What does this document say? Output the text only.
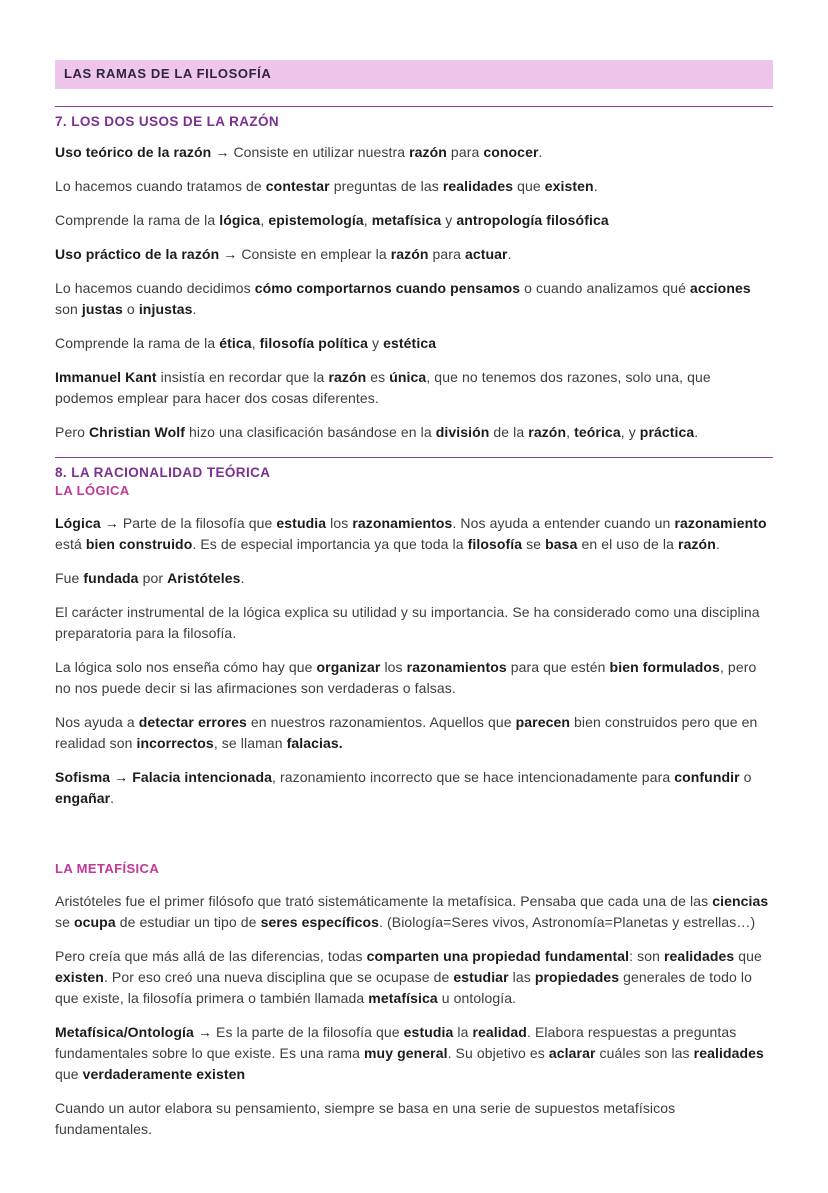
LAS RAMAS DE LA FILOSOFÍA
7. LOS DOS USOS DE LA RAZÓN

Uso teórico de la razón → Consiste en utilizar nuestra razón para conocer.

Lo hacemos cuando tratamos de contestar preguntas de las realidades que existen.

Comprende la rama de la lógica, epistemología, metafísica y antropología filosófica

Uso práctico de la razón → Consiste en emplear la razón para actuar.

Lo hacemos cuando decidimos cómo comportarnos cuando pensamos o cuando analizamos qué acciones son justas o injustas.

Comprende la rama de la ética, filosofía política y estética

Immanuel Kant insistía en recordar que la razón es única, que no tenemos dos razones, solo una, que podemos emplear para hacer dos cosas diferentes.

Pero Christian Wolf hizo una clasificación basándose en la división de la razón, teórica, y práctica.

8. LA RACIONALIDAD TEÓRICA
LA LÓGICA

Lógica → Parte de la filosofía que estudia los razonamientos. Nos ayuda a entender cuando un razonamiento está bien construido. Es de especial importancia ya que toda la filosofía se basa en el uso de la razón.

Fue fundada por Aristóteles.

El carácter instrumental de la lógica explica su utilidad y su importancia. Se ha considerado como una disciplina preparatoria para la filosofía.

La lógica solo nos enseña cómo hay que organizar los razonamientos para que estén bien formulados, pero no nos puede decir si las afirmaciones son verdaderas o falsas.

Nos ayuda a detectar errores en nuestros razonamientos. Aquellos que parecen bien construidos pero que en realidad son incorrectos, se llaman falacias.

Sofisma → Falacia intencionada, razonamiento incorrecto que se hace intencionadamente para confundir o engañar.

LA METAFÍSICA

Aristóteles fue el primer filósofo que trató sistemáticamente la metafísica. Pensaba que cada una de las ciencias se ocupa de estudiar un tipo de seres específicos. (Biología=Seres vivos, Astronomía=Planetas y estrellas…)

Pero creía que más allá de las diferencias, todas comparten una propiedad fundamental: son realidades que existen. Por eso creó una nueva disciplina que se ocupase de estudiar las propiedades generales de todo lo que existe, la filosofía primera o también llamada metafísica u ontología.

Metafísica/Ontología → Es la parte de la filosofía que estudia la realidad. Elabora respuestas a preguntas fundamentales sobre lo que existe. Es una rama muy general. Su objetivo es aclarar cuáles son las realidades que verdaderamente existen

Cuando un autor elabora su pensamiento, siempre se basa en una serie de supuestos metafísicos fundamentales.
